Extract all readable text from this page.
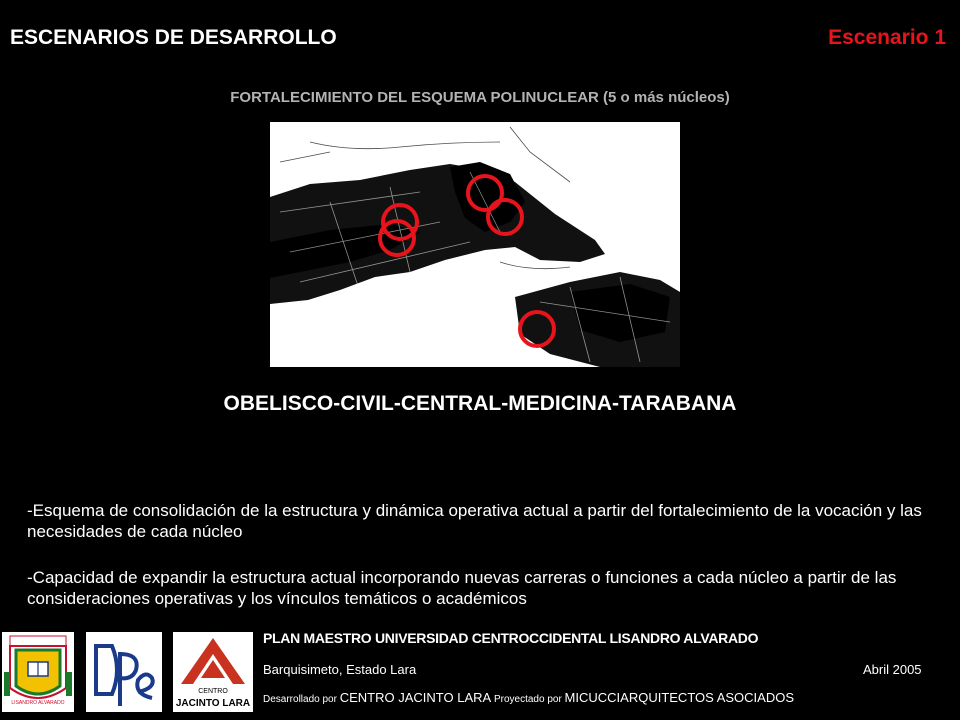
ESCENARIOS DE DESARROLLO	Escenario 1
FORTALECIMIENTO DEL ESQUEMA POLINUCLEAR (5 o más núcleos)
OBELISCO-CIVIL-CENTRAL-MEDICINA-TARABANA
-Esquema de consolidación de la estructura y dinámica operativa actual a partir del fortalecimiento de la vocación y las necesidades de cada núcleo
-Capacidad de expandir la estructura actual incorporando nuevas carreras o funciones a cada núcleo a partir de las consideraciones operativas y los vínculos temáticos o académicos
LISANDRO ALVARADO
CENTRO
JACINTO LARA
PLAN MAESTRO UNIVERSIDAD CENTROCCIDENTAL LISANDRO ALVARADO
Barquisimeto, Estado Lara	Abril 2005
Desarrollado por CENTRO JACINTO LARA Proyectado por MICUCCIARQUITECTOS ASOCIADOS
